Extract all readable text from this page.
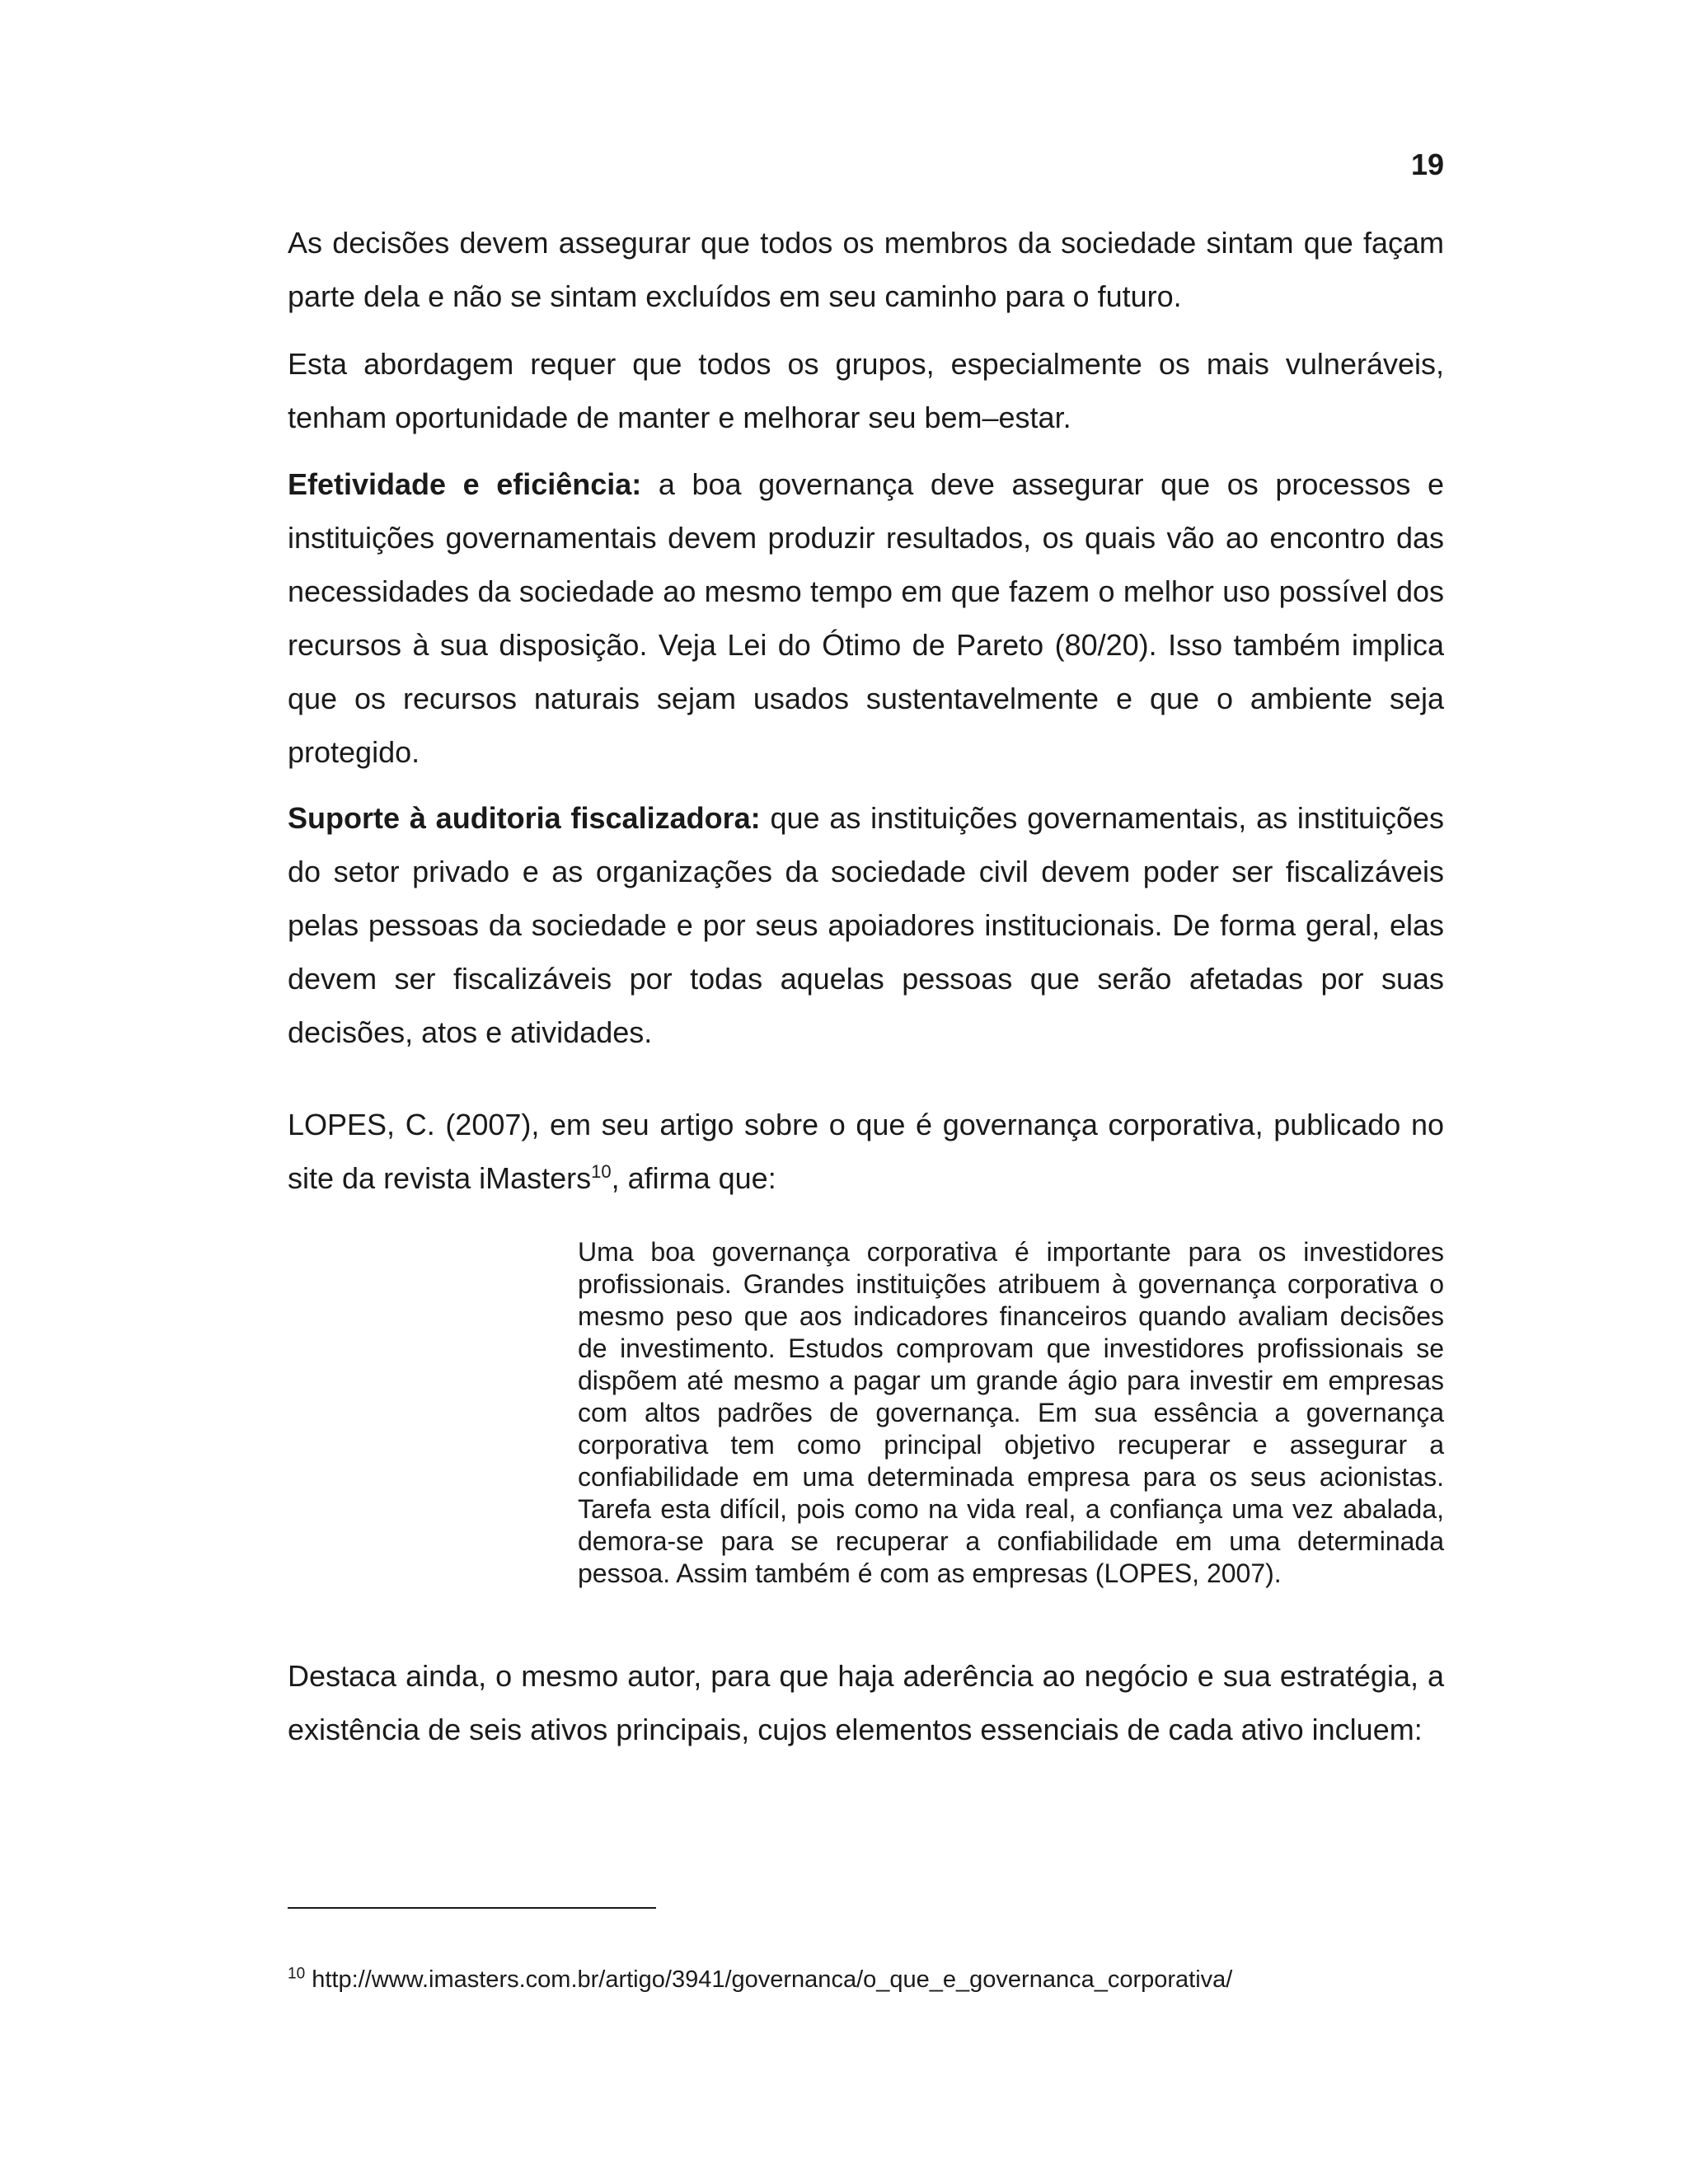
19

As decisões devem assegurar que todos os membros da sociedade sintam que façam parte dela e não se sintam excluídos em seu caminho para o futuro.

Esta abordagem requer que todos os grupos, especialmente os mais vulneráveis, tenham oportunidade de manter e melhorar seu bem–estar.

Efetividade e eficiência: a boa governança deve assegurar que os processos e instituições governamentais devem produzir resultados, os quais vão ao encontro das necessidades da sociedade ao mesmo tempo em que fazem o melhor uso possível dos recursos à sua disposição. Veja Lei do Ótimo de Pareto (80/20). Isso também implica que os recursos naturais sejam usados sustentavelmente e que o ambiente seja protegido.

Suporte à auditoria fiscalizadora: que as instituições governamentais, as instituições do setor privado e as organizações da sociedade civil devem poder ser fiscalizáveis pelas pessoas da sociedade e por seus apoiadores institucionais. De forma geral, elas devem ser fiscalizáveis por todas aquelas pessoas que serão afetadas por suas decisões, atos e atividades.

LOPES, C. (2007), em seu artigo sobre o que é governança corporativa, publicado no site da revista iMasters$^{10}$, afirma que:

Uma boa governança corporativa é importante para os investidores profissionais. Grandes instituições atribuem à governança corporativa o mesmo peso que aos indicadores financeiros quando avaliam decisões de investimento. Estudos comprovam que investidores profissionais se dispõem até mesmo a pagar um grande ágio para investir em empresas com altos padrões de governança. Em sua essência a governança corporativa tem como principal objetivo recuperar e assegurar a confiabilidade em uma determinada empresa para os seus acionistas. Tarefa esta difícil, pois como na vida real, a confiança uma vez abalada, demora-se para se recuperar a confiabilidade em uma determinada pessoa. Assim também é com as empresas (LOPES, 2007).

Destaca ainda, o mesmo autor, para que haja aderência ao negócio e sua estratégia, a existência de seis ativos principais, cujos elementos essenciais de cada ativo incluem:

$^{10}$ http://www.imasters.com.br/artigo/3941/governanca/o_que_e_governanca_corporativa/
